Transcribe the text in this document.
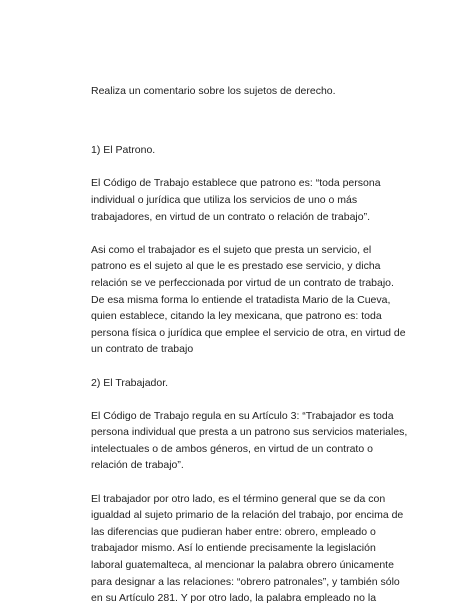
Realiza un comentario sobre los sujetos de derecho.
1) El Patrono.
El Código de Trabajo establece que patrono es: “toda persona
individual o jurídica que utiliza los servicios de uno o más
trabajadores, en virtud de un contrato o relación de trabajo”.
Asi como el trabajador es el sujeto que presta un servicio, el
patrono es el sujeto al que le es prestado ese servicio, y dicha
relación se ve perfeccionada por virtud de un contrato de trabajo.
De esa misma forma lo entiende el tratadista Mario de la Cueva,
quien establece, citando la ley mexicana, que patrono es: toda
persona física o jurídica que emplee el servicio de otra, en virtud de
un contrato de trabajo
2) El Trabajador.
El Código de Trabajo regula en su Artículo 3: “Trabajador es toda
persona individual que presta a un patrono sus servicios materiales,
intelectuales o de ambos géneros, en virtud de un contrato o
relación de trabajo”.
El trabajador por otro lado, es el término general que se da con
igualdad al sujeto primario de la relación del trabajo, por encima de
las diferencias que pudieran haber entre: obrero, empleado o
trabajador mismo. Así lo entiende precisamente la legislación
laboral guatemalteca, al mencionar la palabra obrero únicamente
para designar a las relaciones: “obrero patronales”, y también sólo
en su Artículo 281. Y por otro lado, la palabra empleado no la
